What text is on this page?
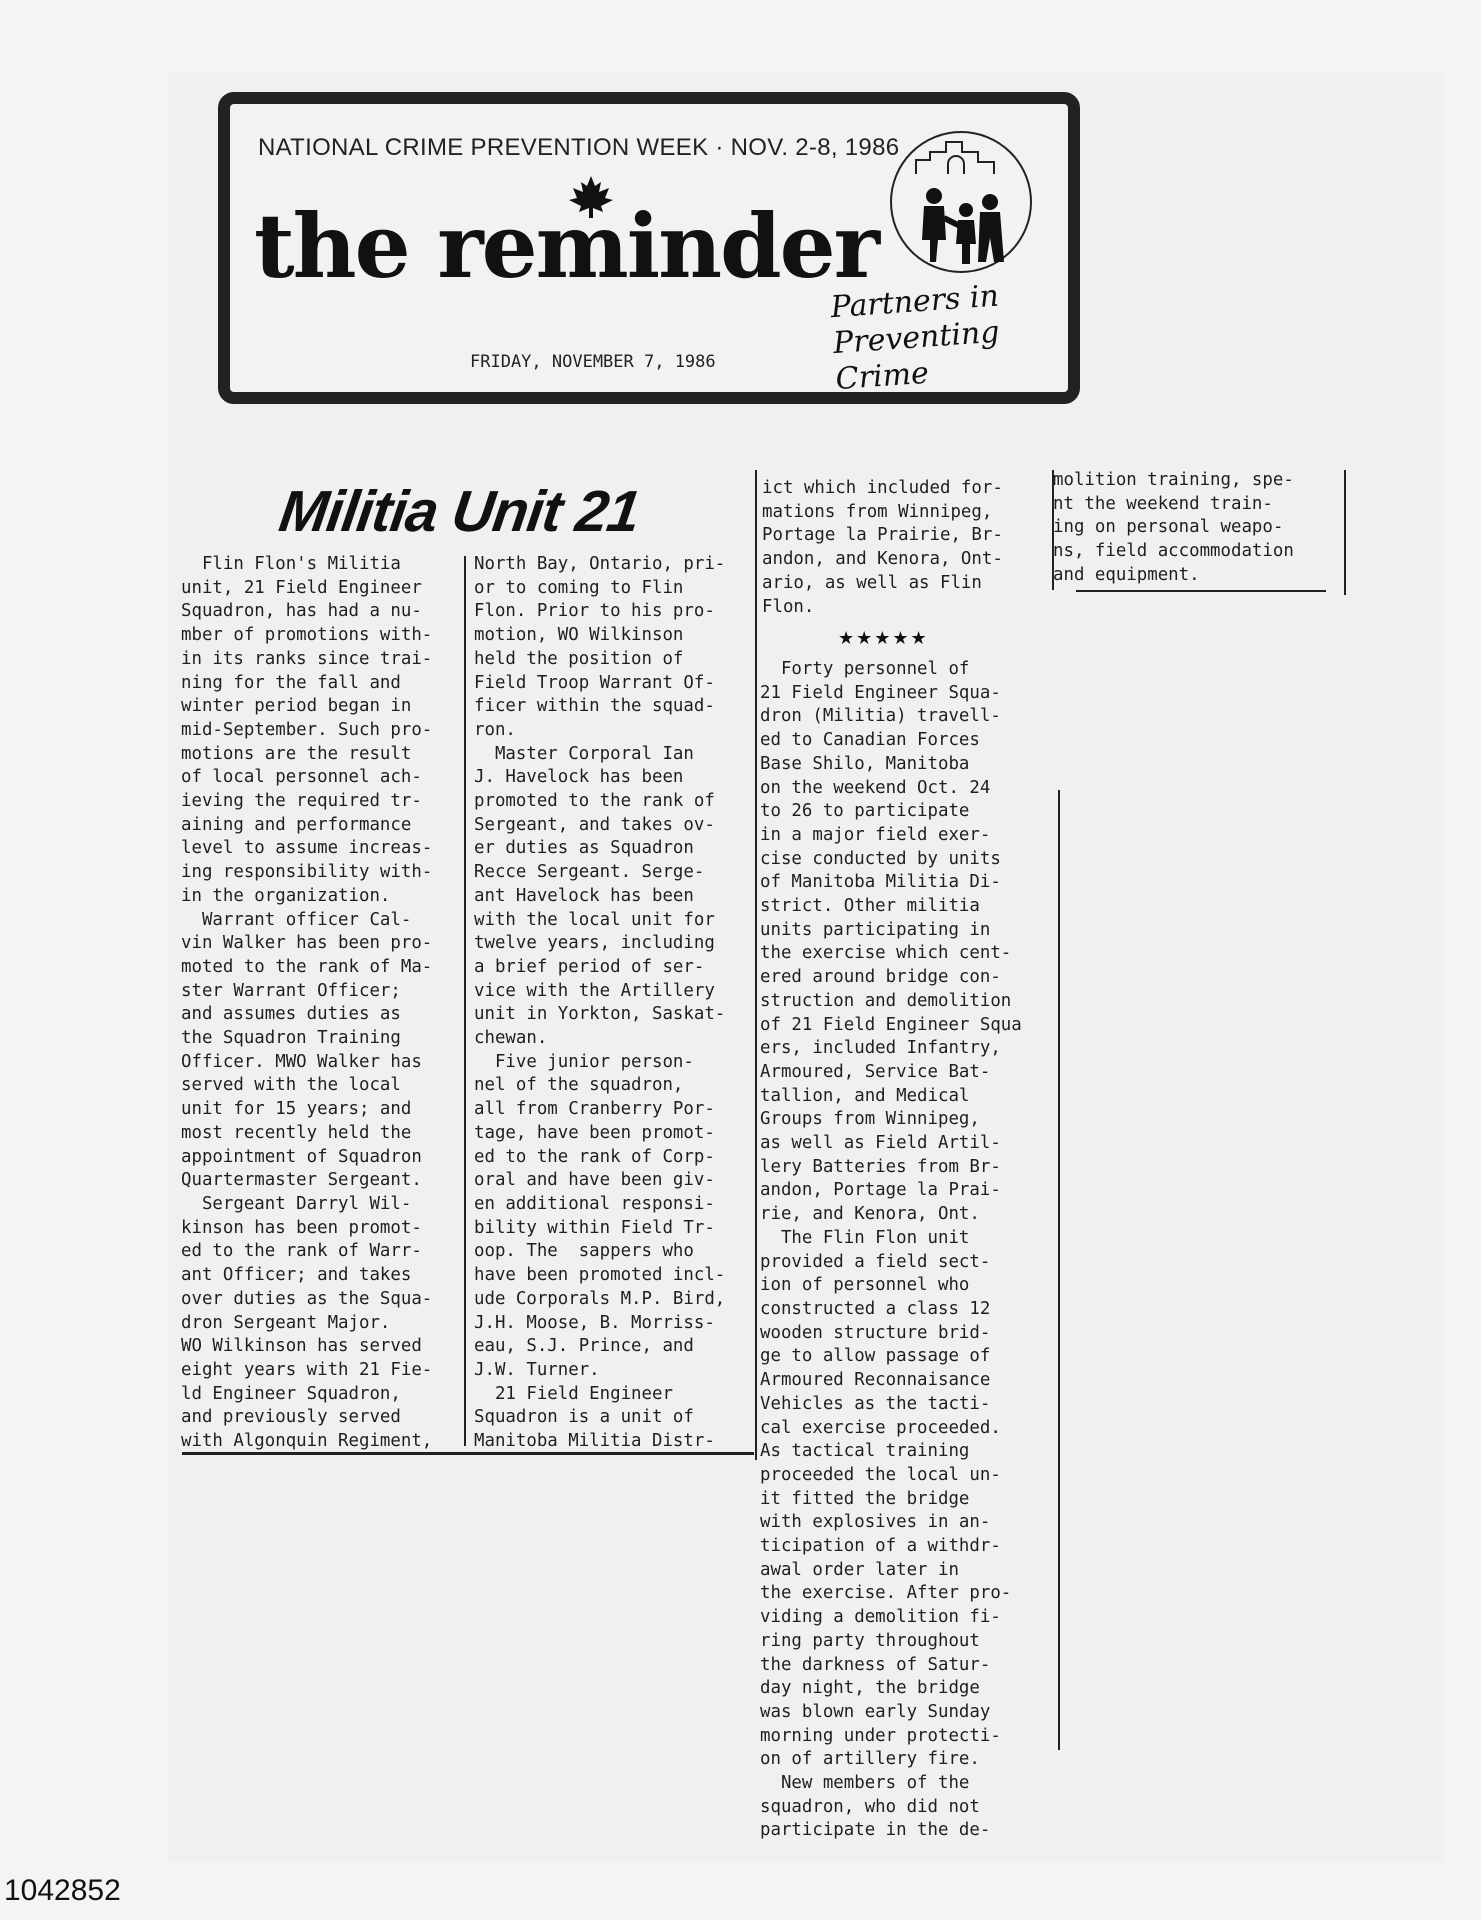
NATIONAL CRIME PREVENTION WEEK · NOV. 2-8, 1986
the reminder
FRIDAY, NOVEMBER 7, 1986
Partners in
Preventing Crime
Militia Unit 21
Flin Flon's Militia
unit, 21 Field Engineer
Squadron, has had a nu-
mber of promotions with-
in its ranks since trai-
ning for the fall and
winter period began in
mid-September. Such pro-
motions are the result
of local personnel ach-
ieving the required tr-
aining and performance
level to assume increas-
ing responsibility with-
in the organization.
Warrant officer Cal-
vin Walker has been pro-
moted to the rank of Ma-
ster Warrant Officer;
and assumes duties as
the Squadron Training
Officer. MWO Walker has
served with the local
unit for 15 years; and
most recently held the
appointment of Squadron
Quartermaster Sergeant.
Sergeant Darryl Wil-
kinson has been promot-
ed to the rank of Warr-
ant Officer; and takes
over duties as the Squa-
dron Sergeant Major.
WO Wilkinson has served
eight years with 21 Fie-
ld Engineer Squadron,
and previously served
with Algonquin Regiment,
North Bay, Ontario, pri-
or to coming to Flin
Flon. Prior to his pro-
motion, WO Wilkinson
held the position of
Field Troop Warrant Of-
ficer within the squad-
ron.
Master Corporal Ian
J. Havelock has been
promoted to the rank of
Sergeant, and takes ov-
er duties as Squadron
Recce Sergeant. Serge-
ant Havelock has been
with the local unit for
twelve years, including
a brief period of ser-
vice with the Artillery
unit in Yorkton, Saskat-
chewan.
Five junior person-
nel of the squadron,
all from Cranberry Por-
tage, have been promot-
ed to the rank of Corp-
oral and have been giv-
en additional responsi-
bility within Field Tr-
oop. The  sappers who
have been promoted incl-
ude Corporals M.P. Bird,
J.H. Moose, B. Morriss-
eau, S.J. Prince, and
J.W. Turner.
21 Field Engineer
Squadron is a unit of
Manitoba Militia Distr-
ict which included for-
mations from Winnipeg,
Portage la Prairie, Br-
andon, and Kenora, Ont-
ario, as well as Flin
Flon.
★★★★★
Forty personnel of
21 Field Engineer Squa-
dron (Militia) travell-
ed to Canadian Forces
Base Shilo, Manitoba
on the weekend Oct. 24
to 26 to participate
in a major field exer-
cise conducted by units
of Manitoba Militia Di-
strict. Other militia
units participating in
the exercise which cent-
ered around bridge con-
struction and demolition
of 21 Field Engineer Squa
ers, included Infantry,
Armoured, Service Bat-
tallion, and Medical
Groups from Winnipeg,
as well as Field Artil-
lery Batteries from Br-
andon, Portage la Prai-
rie, and Kenora, Ont.
The Flin Flon unit
provided a field sect-
ion of personnel who
constructed a class 12
wooden structure brid-
ge to allow passage of
Armoured Reconnaisance
Vehicles as the tacti-
cal exercise proceeded.
As tactical training
proceeded the local un-
it fitted the bridge
with explosives in an-
ticipation of a withdr-
awal order later in
the exercise. After pro-
viding a demolition fi-
ring party throughout
the darkness of Satur-
day night, the bridge
was blown early Sunday
morning under protecti-
on of artillery fire.
New members of the
squadron, who did not
participate in the de-
molition training, spe-
nt the weekend train-
ing on personal weapo-
ns, field accommodation
and equipment.
1042852
